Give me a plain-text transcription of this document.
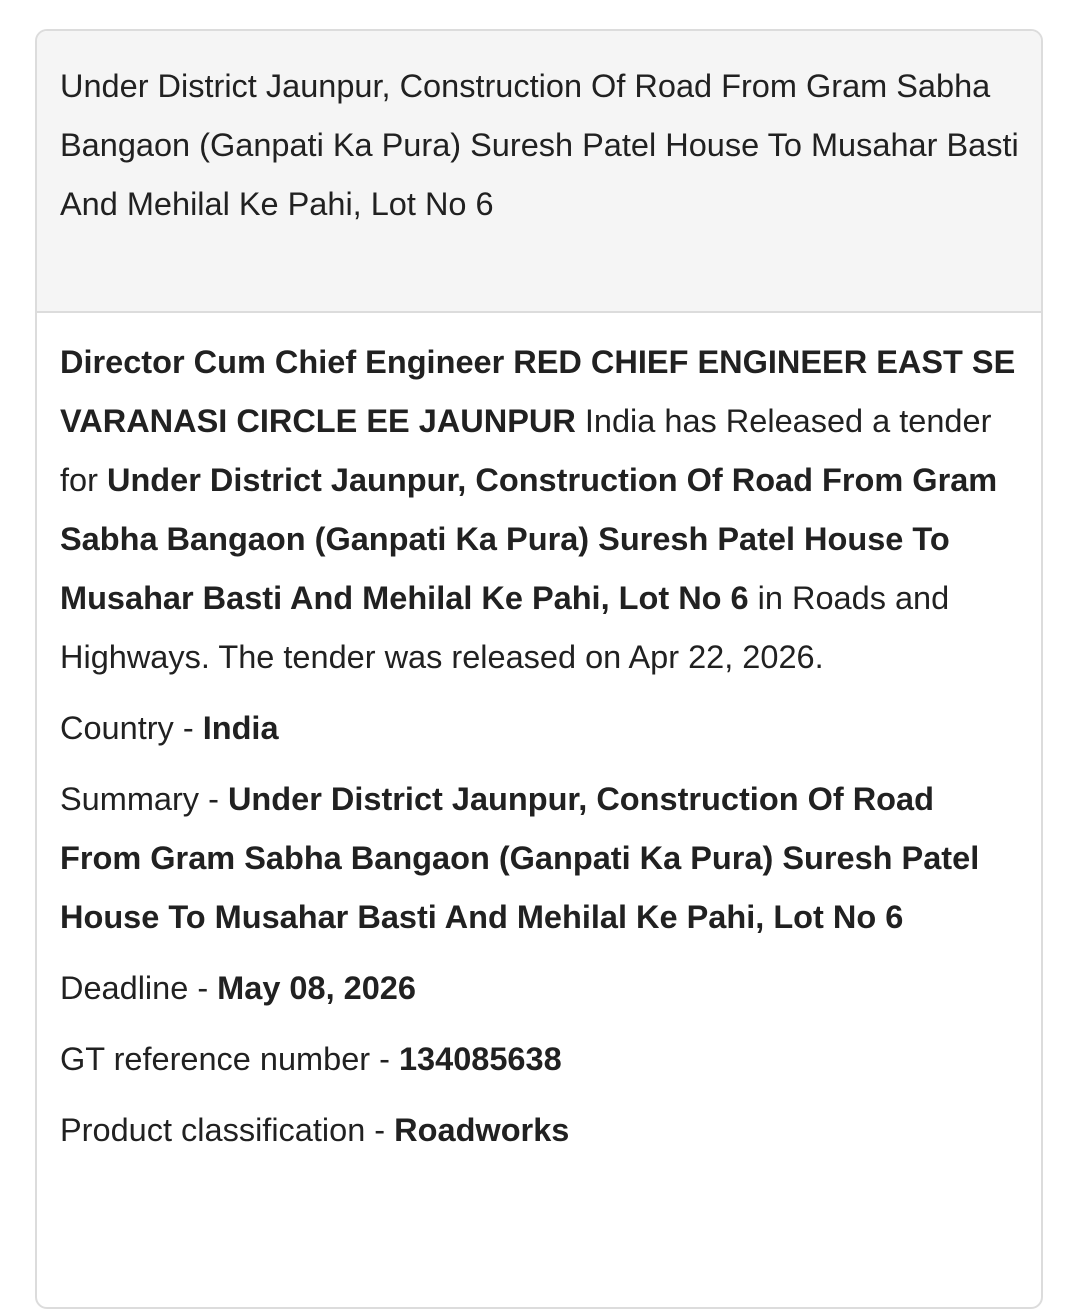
Under District Jaunpur, Construction Of Road From Gram Sabha Bangaon (Ganpati Ka Pura) Suresh Patel House To Musahar Basti And Mehilal Ke Pahi, Lot No 6

Director Cum Chief Engineer RED CHIEF ENGINEER EAST SE VARANASI CIRCLE EE JAUNPUR India has Released a tender for Under District Jaunpur, Construction Of Road From Gram Sabha Bangaon (Ganpati Ka Pura) Suresh Patel House To Musahar Basti And Mehilal Ke Pahi, Lot No 6 in Roads and Highways. The tender was released on Apr 22, 2026.

Country - India

Summary - Under District Jaunpur, Construction Of Road From Gram Sabha Bangaon (Ganpati Ka Pura) Suresh Patel House To Musahar Basti And Mehilal Ke Pahi, Lot No 6

Deadline - May 08, 2026

GT reference number - 134085638

Product classification - Roadworks
